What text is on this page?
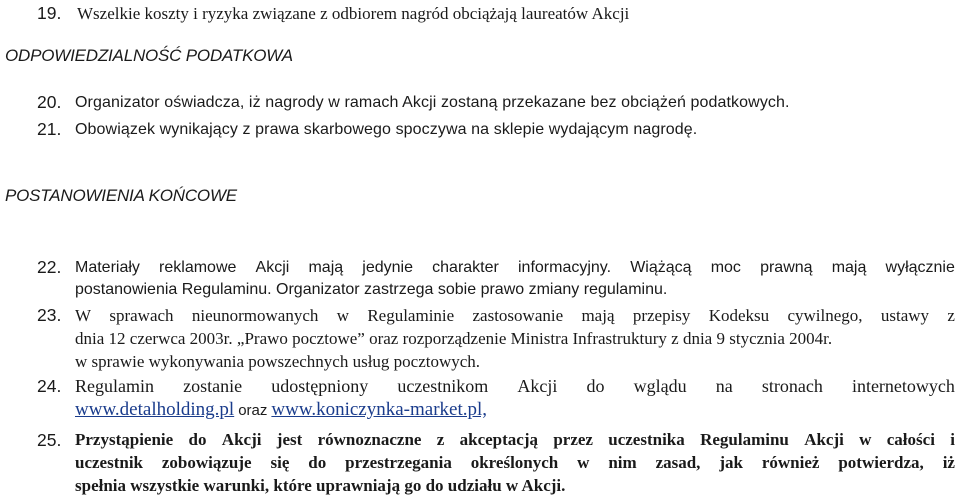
19. Wszelkie koszty i ryzyka związane z odbiorem nagród obciążają laureatów Akcji
ODPOWIEDZIALNOŚĆ PODATKOWA
20. Organizator oświadcza, iż nagrody w ramach Akcji zostaną przekazane bez obciążeń podatkowych.
21. Obowiązek wynikający z prawa skarbowego spoczywa na sklepie wydającym nagrodę.
POSTANOWIENIA KOŃCOWE
22. Materiały reklamowe Akcji mają jedynie charakter informacyjny. Wiążącą moc prawną mają wyłącznie
postanowienia Regulaminu. Organizator zastrzega sobie prawo zmiany regulaminu.
23. W sprawach nieunormowanych w Regulaminie zastosowanie mają przepisy Kodeksu cywilnego, ustawy z
dnia 12 czerwca 2003r. „Prawo pocztowe” oraz rozporządzenie Ministra Infrastruktury z dnia 9 stycznia 2004r.
w sprawie wykonywania powszechnych usług pocztowych.
24. Regulamin zostanie udostępniony uczestnikom Akcji do wglądu na stronach internetowych
www.detalholding.pl oraz www.koniczynka-market.pl,
25. Przystąpienie do Akcji jest równoznaczne z akceptacją przez uczestnika Regulaminu Akcji w całości i
uczestnik zobowiązuje się do przestrzegania określonych w nim zasad, jak również potwierdza, iż
spełnia wszystkie warunki, które uprawniają go do udziału w Akcji.
